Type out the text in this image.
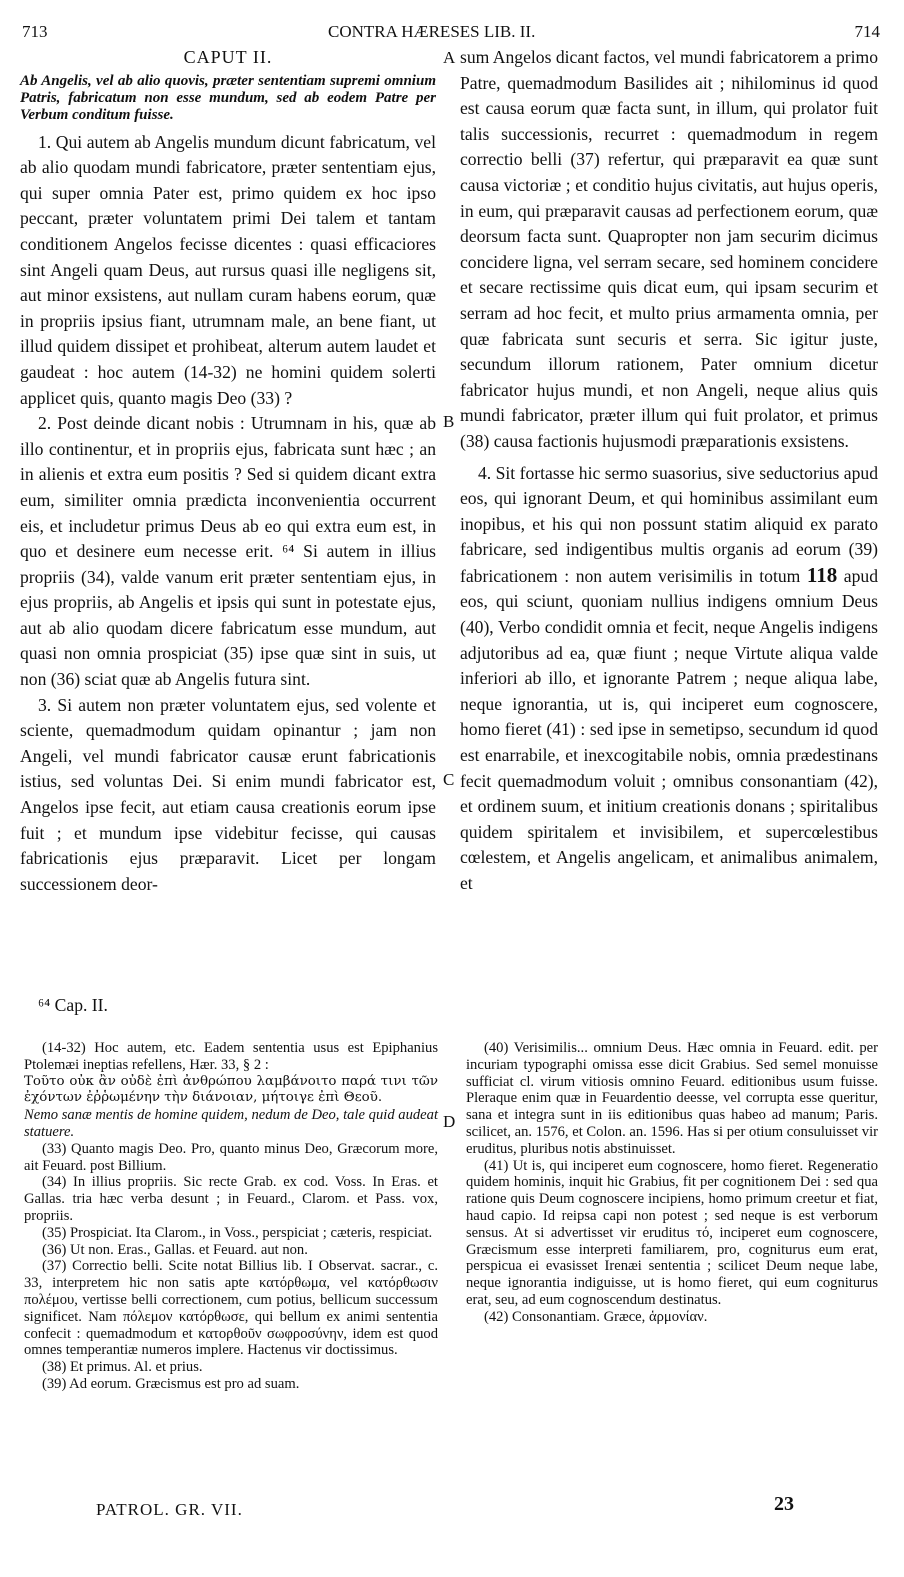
713	CONTRA HÆRESES LIB. II.	714
CAPUT II.
Ab Angelis, vel ab alio quovis, præter sententiam supremi omnium Patris, fabricatum non esse mundum, sed ab eodem Patre per Verbum conditum fuisse.

1. Qui autem ab Angelis mundum dicunt fabricatum, vel ab alio quodam mundi fabricatore, præter sententiam ejus, qui super omnia Pater est, primo quidem ex hoc ipso peccant, præter voluntatem primi Dei talem et tantam conditionem Angelos fecisse dicentes : quasi efficaciores sint Angeli quam Deus, aut rursus quasi ille negligens sit, aut minor exsistens, aut nullam curam habens eorum, quæ in propriis ipsius fiant, utrumnam male, an bene fiant, ut illud quidem dissipet et prohibeat, alterum autem laudet et gaudeat : hoc autem (14-32) ne homini quidem solerti applicet quis, quanto magis Deo (33) ?

2. Post deinde dicant nobis : Utrumnam in his, quæ ab illo continentur, et in propriis ejus, fabricata sunt hæc ; an in alienis et extra eum positis ? Sed si quidem dicant extra eum, similiter omnia prædicta inconvenientia occurrent eis, et includetur primus Deus ab eo qui extra eum est, in quo et desinere eum necesse erit. ⁶⁴ Si autem in illius propriis (34), valde vanum erit præter sententiam ejus, in ejus propriis, ab Angelis et ipsis qui sunt in potestate ejus, aut ab alio quodam dicere fabricatum esse mundum, aut quasi non omnia prospiciat (35) ipse quæ sint in suis, ut non (36) sciat quæ ab Angelis futura sint.

3. Si autem non præter voluntatem ejus, sed volente et sciente, quemadmodum quidam opinantur ; jam non Angeli, vel mundi fabricator causæ erunt fabricationis istius, sed voluntas Dei. Si enim mundi fabricator est, Angelos ipse fecit, aut etiam causa creationis eorum ipse fuit ; et mundum ipse videbitur fecisse, qui causas fabricationis ejus præparavit. Licet per longam successionem deor-

⁶⁴ Cap. II.
A
B
C
D

sum Angelos dicant factos, vel mundi fabricatorem a primo Patre, quemadmodum Basilides ait ; nihilominus id quod est causa eorum quæ facta sunt, in illum, qui prolator fuit talis successionis, recurret : quemadmodum in regem correctio belli (37) refertur, qui præparavit ea quæ sunt causa victoriæ ; et conditio hujus civitatis, aut hujus operis, in eum, qui præparavit causas ad perfectionem eorum, quæ deorsum facta sunt. Quapropter non jam securim dicimus concidere ligna, vel serram secare, sed hominem concidere et secare rectissime quis dicat eum, qui ipsam securim et serram ad hoc fecit, et multo prius armamenta omnia, per quæ fabricata sunt securis et serra. Sic igitur juste, secundum illorum rationem, Pater omnium dicetur fabricator hujus mundi, et non Angeli, neque alius quis mundi fabricator, præter illum qui fuit prolator, et primus (38) causa factionis hujusmodi præparationis exsistens.

4. Sit fortasse hic sermo suasorius, sive seductorius apud eos, qui ignorant Deum, et qui hominibus assimilant eum inopibus, et his qui non possunt statim aliquid ex parato fabricare, sed indigentibus multis organis ad eorum (39) fabricationem : non autem verisimilis in totum 118 apud eos, qui sciunt, quoniam nullius indigens omnium Deus (40), Verbo condidit omnia et fecit, neque Angelis indigens adjutoribus ad ea, quæ fiunt ; neque Virtute aliqua valde inferiori ab illo, et ignorante Patrem ; neque aliqua labe, neque ignorantia, ut is, qui inciperet eum cognoscere, homo fieret (41) : sed ipse in semetipso, secundum id quod est enarrabile, et inexcogitabile nobis, omnia prædestinans fecit quemadmodum voluit ; omnibus consonantiam (42), et ordinem suum, et initium creationis donans ; spiritalibus quidem spiritalem et invisibilem, et supercœlestibus cœlestem, et Angelis angelicam, et animalibus animalem, et

(14-32) Hoc autem, etc. Eadem sententia usus est Epiphanius Ptolemæi ineptias refellens, Hær. 33, § 2 :

Τοῦτο οὐκ ἂν οὐδὲ ἐπὶ ἀνθρώπου λαμβάνοιτο παρά τινι τῶν ἐχόντων ἐῤῥωμένην τὴν διάνοιαν, μήτοιγε ἐπὶ Θεοῦ.

Nemo sanæ mentis de homine quidem, nedum de Deo, tale quid audeat statuere.

(33) Quanto magis Deo. Pro, quanto minus Deo, Græcorum more, ait Feuard. post Billium.

(34) In illius propriis. Sic recte Grab. ex cod. Voss. In Eras. et Gallas. tria hæc verba desunt ; in Feuard., Clarom. et Pass. vox, propriis.

(35) Prospiciat. Ita Clarom., in Voss., perspiciat ; cæteris, respiciat.

(36) Ut non. Eras., Gallas. et Feuard. aut non.

(37) Correctio belli. Scite notat Billius lib. I Observat. sacrar., c. 33, interpretem hic non satis apte κατόρθωμα, vel κατόρθωσιν πολέμου, vertisse belli correctionem, cum potius, bellicum successum significet. Nam πόλεμον κατόρθωσε, qui bellum ex animi sententia confecit : quemadmodum et κατορθοῦν σωφροσύνην, idem est quod omnes temperantiæ numeros implere. Hactenus vir doctissimus.

(38) Et primus. Al. et prius.

(39) Ad eorum. Græcismus est pro ad suam.

(40) Verisimilis... omnium Deus. Hæc omnia in Feuard. edit. per incuriam typographi omissa esse dicit Grabius. Sed semel monuisse sufficiat cl. virum vitiosis omnino Feuard. editionibus usum fuisse. Pleraque enim quæ in Feuardentio deesse, vel corrupta esse queritur, sana et integra sunt in iis editionibus quas habeo ad manum; Paris. scilicet, an. 1576, et Colon. an. 1596. Has si per otium consuluisset vir eruditus, pluribus notis abstinuisset.

(41) Ut is, qui inciperet eum cognoscere, homo fieret. Regeneratio quidem hominis, inquit hic Grabius, fit per cognitionem Dei : sed qua ratione quis Deum cognoscere incipiens, homo primum creetur et fiat, haud capio. Id reipsa capi non potest ; sed neque is est verborum sensus. At si advertisset vir eruditus τό, inciperet eum cognoscere, Græcismum esse interpreti familiarem, pro, cogniturus eum erat, perspicua ei evasisset Irenæi sententia ; scilicet Deum neque labe, neque ignorantia indiguisse, ut is homo fieret, qui eum cogniturus erat, seu, ad eum cognoscendum destinatus.

(42) Consonantiam. Græce, ἁρμονίαν.

PATROL. GR. VII.	23
